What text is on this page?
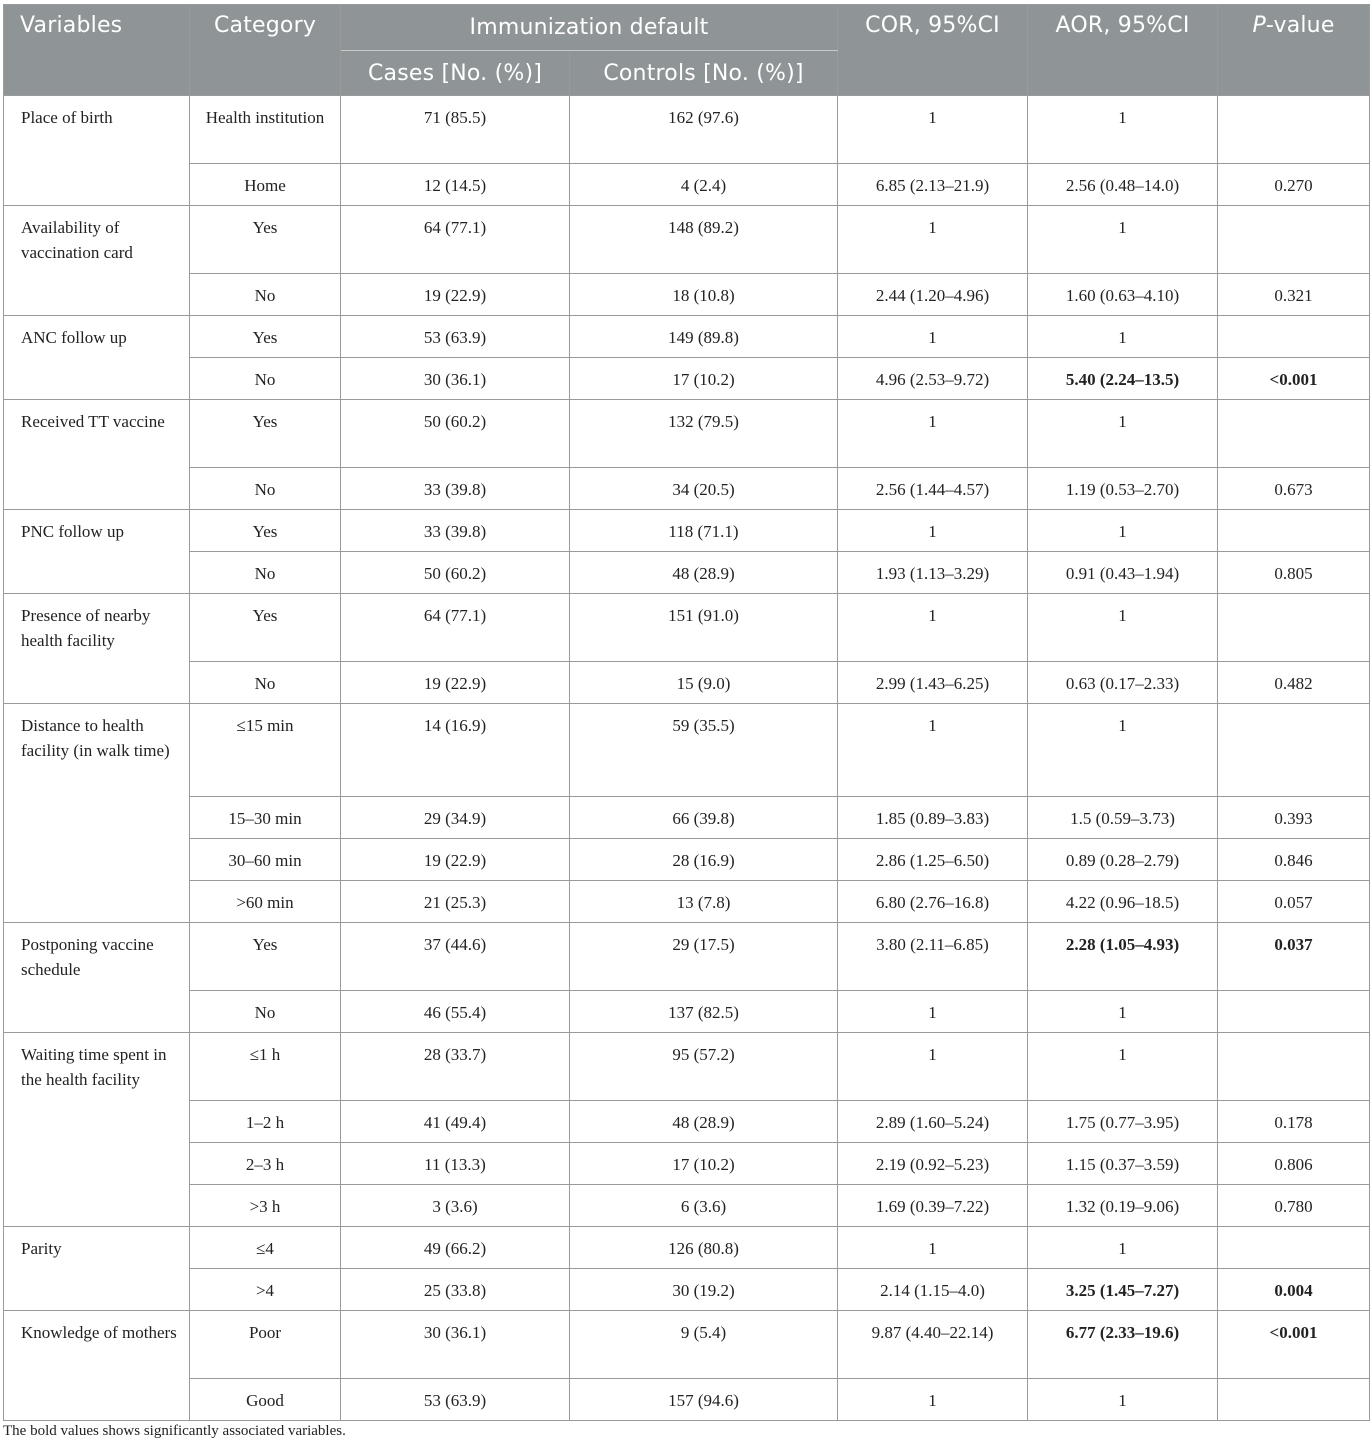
Variables	Category	Immunization default		COR, 95%CI	AOR, 95%CI	P-value
		Cases [No. (%)]	Controls [No. (%)]			
Place of birth	Health institution	71 (85.5)	162 (97.6)	1	1	
	Home	12 (14.5)	4 (2.4)	6.85 (2.13–21.9)	2.56 (0.48–14.0)	0.270
Availability of vaccination card	Yes	64 (77.1)	148 (89.2)	1	1	
	No	19 (22.9)	18 (10.8)	2.44 (1.20–4.96)	1.60 (0.63–4.10)	0.321
ANC follow up	Yes	53 (63.9)	149 (89.8)	1	1	
	No	30 (36.1)	17 (10.2)	4.96 (2.53–9.72)	5.40 (2.24–13.5)	<0.001
Received TT vaccine	Yes	50 (60.2)	132 (79.5)	1	1	
	No	33 (39.8)	34 (20.5)	2.56 (1.44–4.57)	1.19 (0.53–2.70)	0.673
PNC follow up	Yes	33 (39.8)	118 (71.1)	1	1	
	No	50 (60.2)	48 (28.9)	1.93 (1.13–3.29)	0.91 (0.43–1.94)	0.805
Presence of nearby health facility	Yes	64 (77.1)	151 (91.0)	1	1	
	No	19 (22.9)	15 (9.0)	2.99 (1.43–6.25)	0.63 (0.17–2.33)	0.482
Distance to health facility (in walk time)	≤15 min	14 (16.9)	59 (35.5)	1	1	
	15–30 min	29 (34.9)	66 (39.8)	1.85 (0.89–3.83)	1.5 (0.59–3.73)	0.393
	30–60 min	19 (22.9)	28 (16.9)	2.86 (1.25–6.50)	0.89 (0.28–2.79)	0.846
	>60 min	21 (25.3)	13 (7.8)	6.80 (2.76–16.8)	4.22 (0.96–18.5)	0.057
Postponing vaccine schedule	Yes	37 (44.6)	29 (17.5)	3.80 (2.11–6.85)	2.28 (1.05–4.93)	0.037
	No	46 (55.4)	137 (82.5)	1	1	
Waiting time spent in the health facility	≤1 h	28 (33.7)	95 (57.2)	1	1	
	1–2 h	41 (49.4)	48 (28.9)	2.89 (1.60–5.24)	1.75 (0.77–3.95)	0.178
	2–3 h	11 (13.3)	17 (10.2)	2.19 (0.92–5.23)	1.15 (0.37–3.59)	0.806
	>3 h	3 (3.6)	6 (3.6)	1.69 (0.39–7.22)	1.32 (0.19–9.06)	0.780
Parity	≤4	49 (66.2)	126 (80.8)	1	1	
	>4	25 (33.8)	30 (19.2)	2.14 (1.15–4.0)	3.25 (1.45–7.27)	0.004
Knowledge of mothers	Poor	30 (36.1)	9 (5.4)	9.87 (4.40–22.14)	6.77 (2.33–19.6)	<0.001
	Good	53 (63.9)	157 (94.6)	1	1	
The bold values shows significantly associated variables.
